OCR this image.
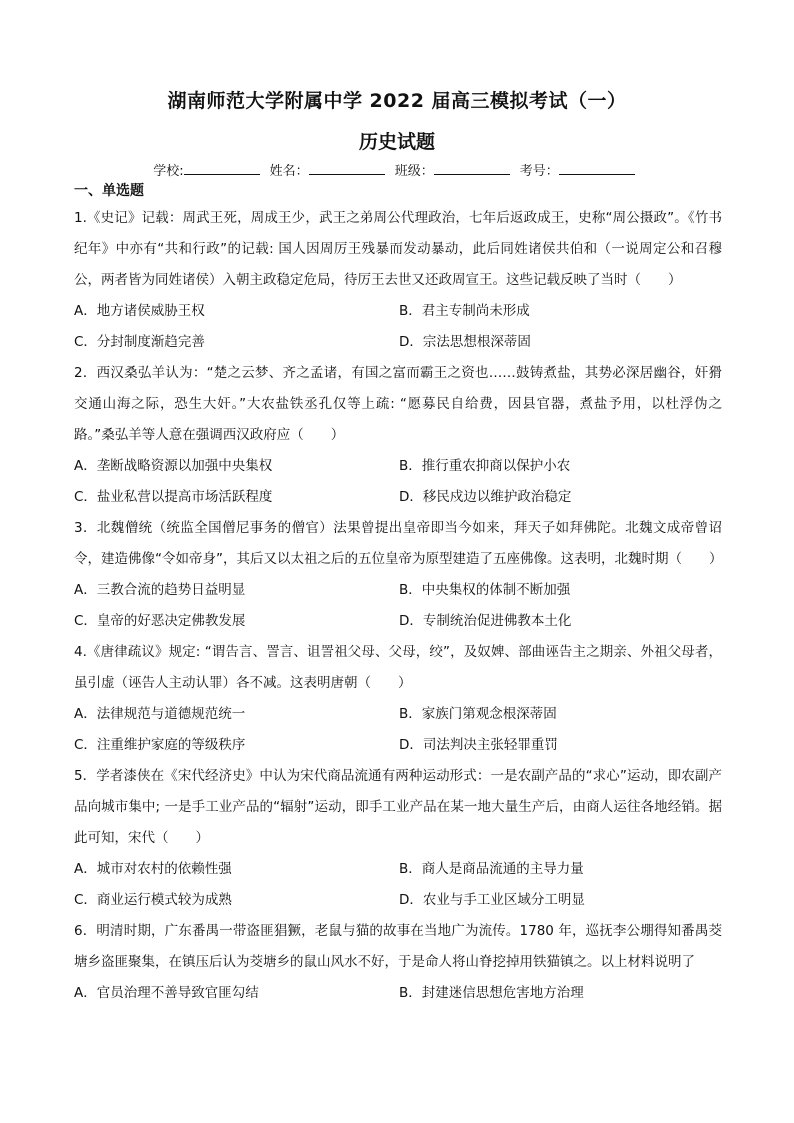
湖南师范大学附属中学 2022 届高三模拟考试（一）
历史试题
学校:	姓名：	班级：	考号：
一、单选题

1.《史记》记载：周武王死，周成王少，武王之弟周公代理政治，七年后返政成王，史称“周公摄政”。《竹书纪年》中亦有“共和行政”的记载: 国人因周厉王残暴而发动暴动，此后同姓诸侯共伯和（一说周定公和召穆公，两者皆为同姓诸侯）入朝主政稳定危局，待厉王去世又还政周宣王。这些记载反映了当时（　　）

A．地方诸侯威胁王权	B．君主专制尚未形成
C．分封制度渐趋完善	D．宗法思想根深蒂固

2．西汉桑弘羊认为：“楚之云梦、齐之孟诸，有国之富而霸王之资也……鼓铸煮盐，其势必深居幽谷，奸猾交通山海之际，恐生大奸。”大农盐铁丞孔仅等上疏: “愿募民自给费，因县官器，煮盐予用，以杜浮伪之路。”桑弘羊等人意在强调西汉政府应（　　）

A．垄断战略资源以加强中央集权	B．推行重农抑商以保护小农
C．盐业私营以提高市场活跃程度	D．移民戍边以维护政治稳定

3．北魏僧统（统监全国僧尼事务的僧官）法果曾提出皇帝即当今如来，拜天子如拜佛陀。北魏文成帝曾诏令，建造佛像“令如帝身”，其后又以太祖之后的五位皇帝为原型建造了五座佛像。这表明，北魏时期（　　）

A．三教合流的趋势日益明显	B．中央集权的体制不断加强
C．皇帝的好恶决定佛教发展	D．专制统治促进佛教本土化

4.《唐律疏议》规定: “谓告言、詈言、诅詈祖父母、父母，绞”，及奴婢、部曲诬告主之期亲、外祖父母者，虽引虚（诬告人主动认罪）各不减。这表明唐朝（　　）

A．法律规范与道德规范统一	B．家族门第观念根深蒂固
C．注重维护家庭的等级秩序	D．司法判决主张轻罪重罚

5．学者漆侠在《宋代经济史》中认为宋代商品流通有两种运动形式：一是农副产品的“求心”运动，即农副产品向城市集中; 一是手工业产品的“辐射”运动，即手工业产品在某一地大量生产后，由商人运往各地经销。据此可知，宋代（　　）

A．城市对农村的依赖性强	B．商人是商品流通的主导力量
C．商业运行模式较为成熟	D．农业与手工业区域分工明显

6．明清时期，广东番禺一带盗匪猖獗，老鼠与猫的故事在当地广为流传。1780 年，巡抚李公堋得知番禺茭塘乡盗匪聚集，在镇压后认为茭塘乡的鼠山风水不好，于是命人将山脊挖掉用铁猫镇之。以上材料说明了

A．官员治理不善导致官匪勾结	B．封建迷信思想危害地方治理
